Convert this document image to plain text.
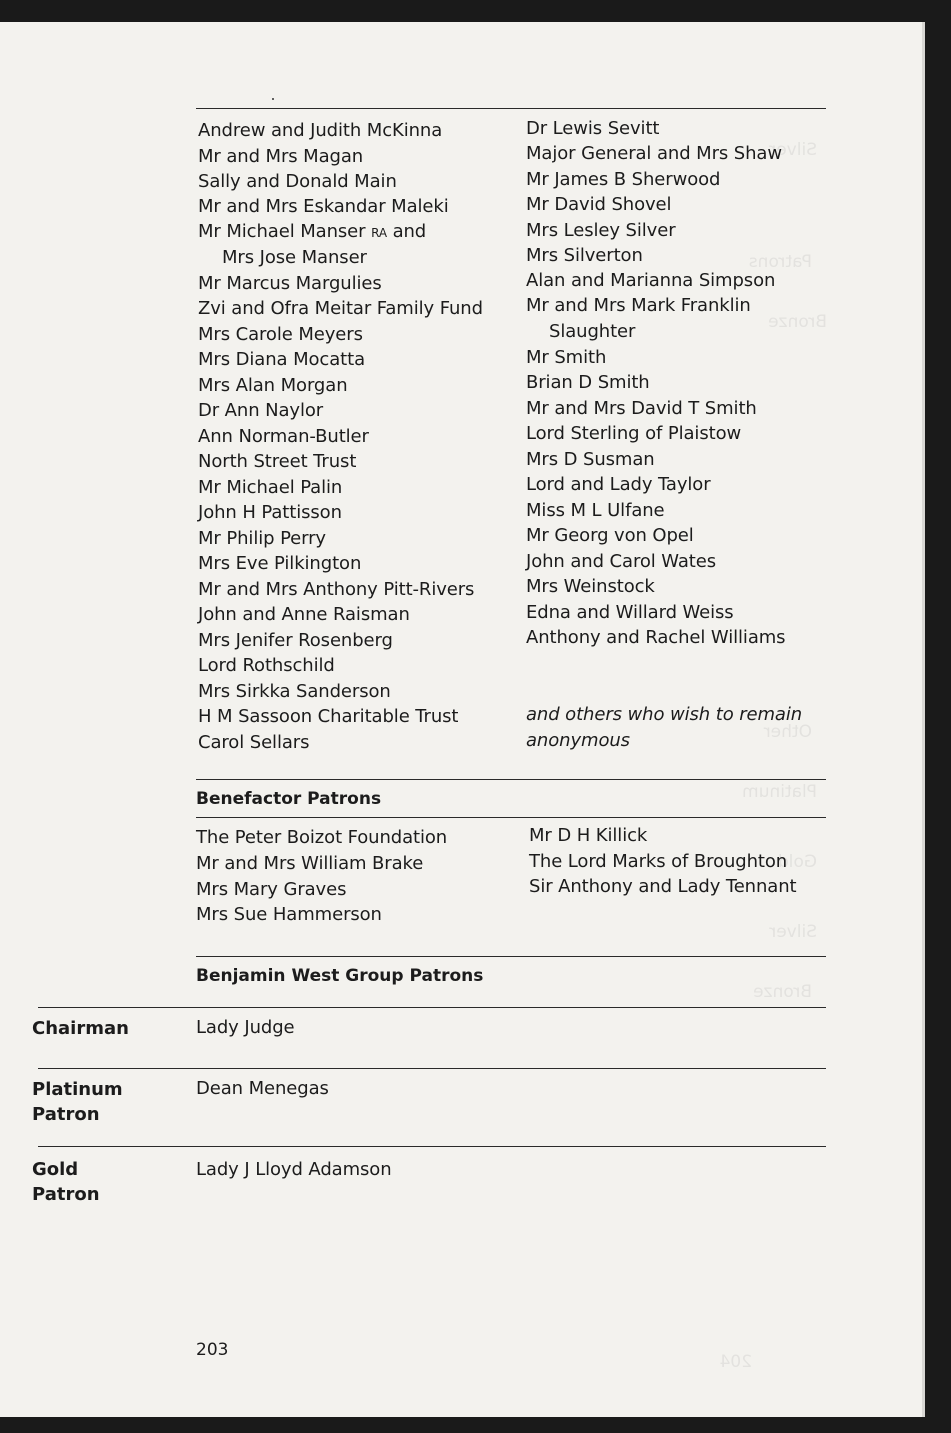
Silver
Patrons
Bronze
Other
Platinum
Gold
Silver
Bronze
204
Andrew and Judith McKinna
Mr and Mrs Magan
Sally and Donald Main
Mr and Mrs Eskandar Maleki
Mr Michael Manser RA and
Mrs Jose Manser
Mr Marcus Margulies
Zvi and Ofra Meitar Family Fund
Mrs Carole Meyers
Mrs Diana Mocatta
Mrs Alan Morgan
Dr Ann Naylor
Ann Norman-Butler
North Street Trust
Mr Michael Palin
John H Pattisson
Mr Philip Perry
Mrs Eve Pilkington
Mr and Mrs Anthony Pitt-Rivers
John and Anne Raisman
Mrs Jenifer Rosenberg
Lord Rothschild
Mrs Sirkka Sanderson
H M Sassoon Charitable Trust
Carol Sellars
Dr Lewis Sevitt
Major General and Mrs Shaw
Mr James B Sherwood
Mr David Shovel
Mrs Lesley Silver
Mrs Silverton
Alan and Marianna Simpson
Mr and Mrs Mark Franklin
Slaughter
Mr Smith
Brian D Smith
Mr and Mrs David T Smith
Lord Sterling of Plaistow
Mrs D Susman
Lord and Lady Taylor
Miss M L Ulfane
Mr Georg von Opel
John and Carol Wates
Mrs Weinstock
Edna and Willard Weiss
Anthony and Rachel Williams
and others who wish to remain
anonymous
Benefactor Patrons
The Peter Boizot Foundation
Mr and Mrs William Brake
Mrs Mary Graves
Mrs Sue Hammerson
Mr D H Killick
The Lord Marks of Broughton
Sir Anthony and Lady Tennant
Benjamin West Group Patrons
Chairman	Lady Judge
Platinum
Patron
Dean Menegas
Gold
Patron
Lady J Lloyd Adamson
203
